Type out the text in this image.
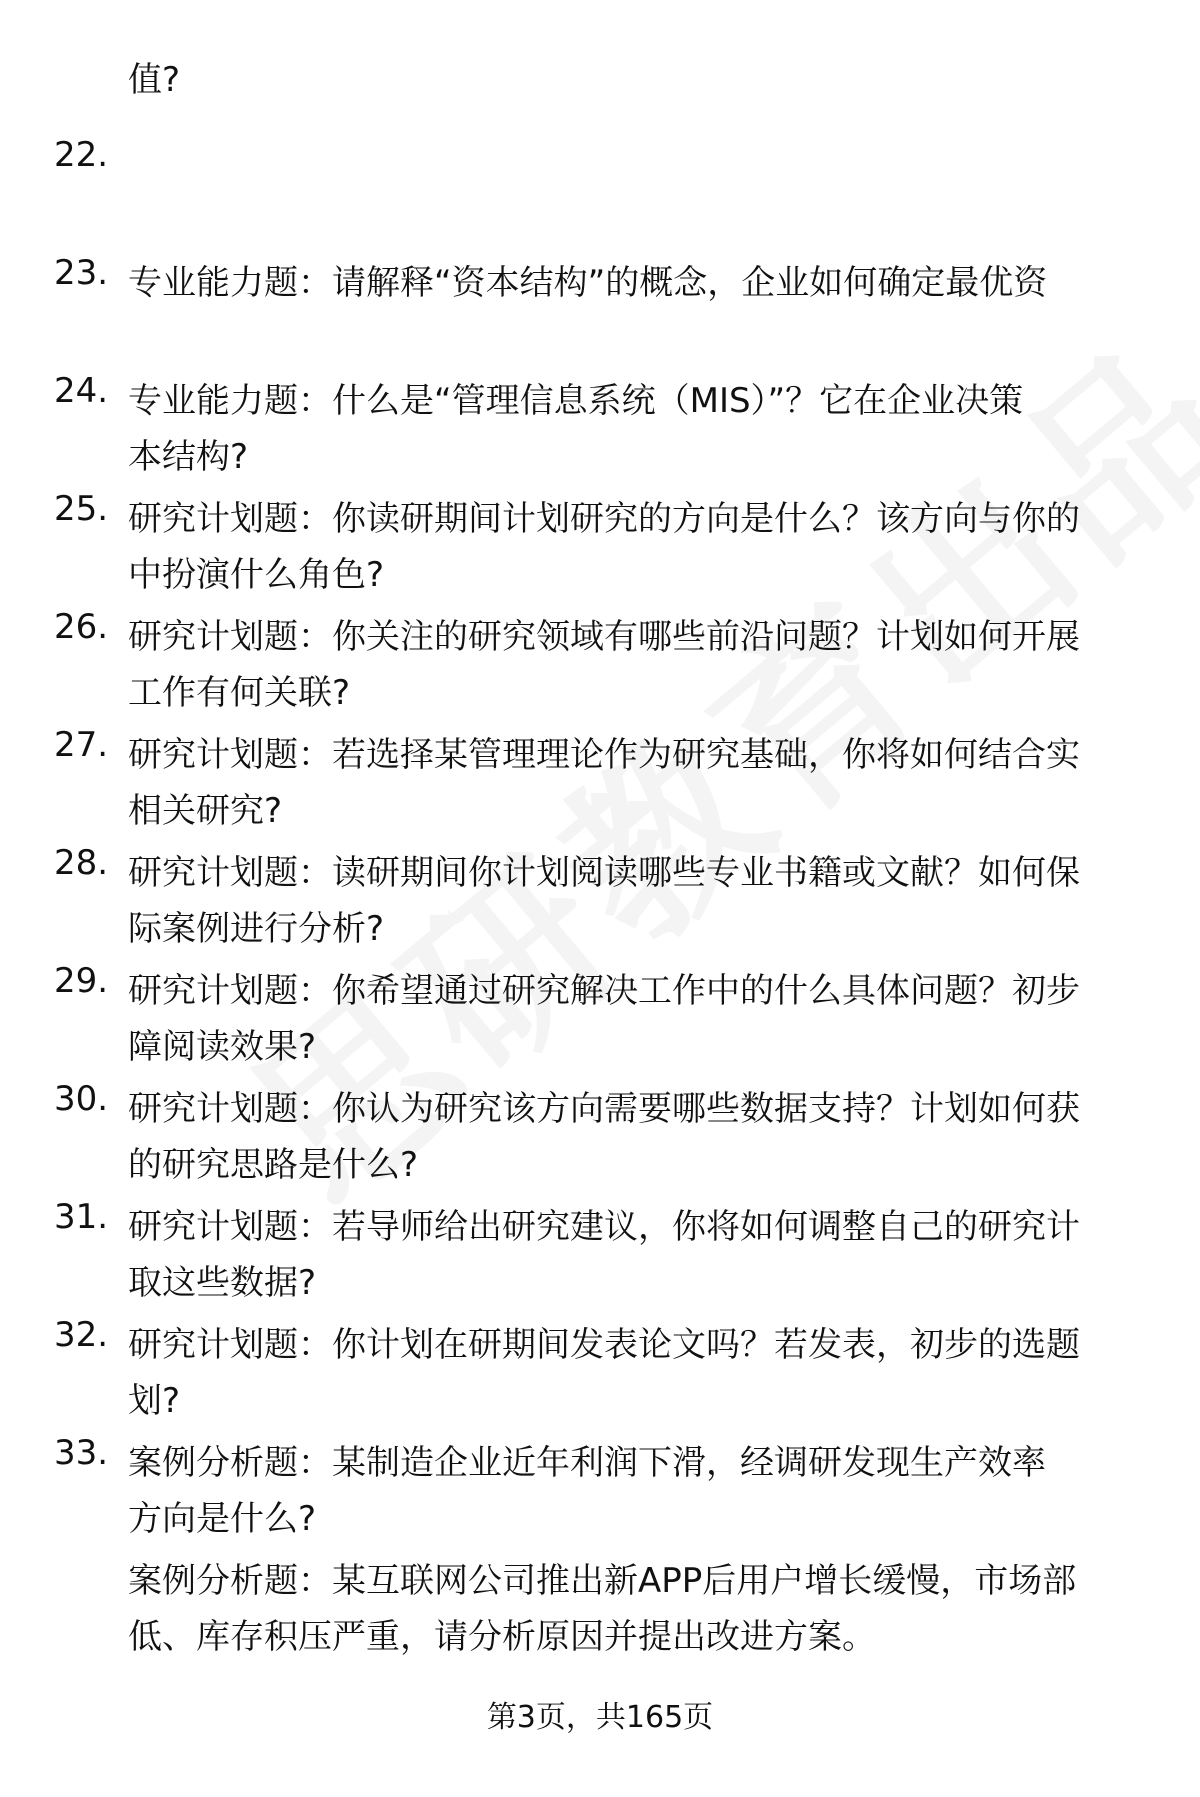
值?
22.

专业能力题：请解释“资本结构”的概念，企业如何确定最优资

本结构?

23.

专业能力题：什么是“管理信息系统（MIS）”？它在企业决策

中扮演什么角色?

24.

研究计划题：你读研期间计划研究的方向是什么？该方向与你的

工作有何关联?

25.

研究计划题：你关注的研究领域有哪些前沿问题？计划如何开展

相关研究?

26.

研究计划题：若选择某管理理论作为研究基础，你将如何结合实

际案例进行分析?

27.

研究计划题：读研期间你计划阅读哪些专业书籍或文献？如何保

障阅读效果?

28.

研究计划题：你希望通过研究解决工作中的什么具体问题？初步

的研究思路是什么?

29.

研究计划题：你认为研究该方向需要哪些数据支持？计划如何获

取这些数据?

30.

研究计划题：若导师给出研究建议，你将如何调整自己的研究计

划?

31.

研究计划题：你计划在研期间发表论文吗？若发表，初步的选题

方向是什么?

32.

案例分析题：某制造企业近年利润下滑，经调研发现生产效率

低、库存积压严重，请分析原因并提出改进方案。

33.

案例分析题：某互联网公司推出新APP后用户增长缓慢，市场部

第3页，共165页
